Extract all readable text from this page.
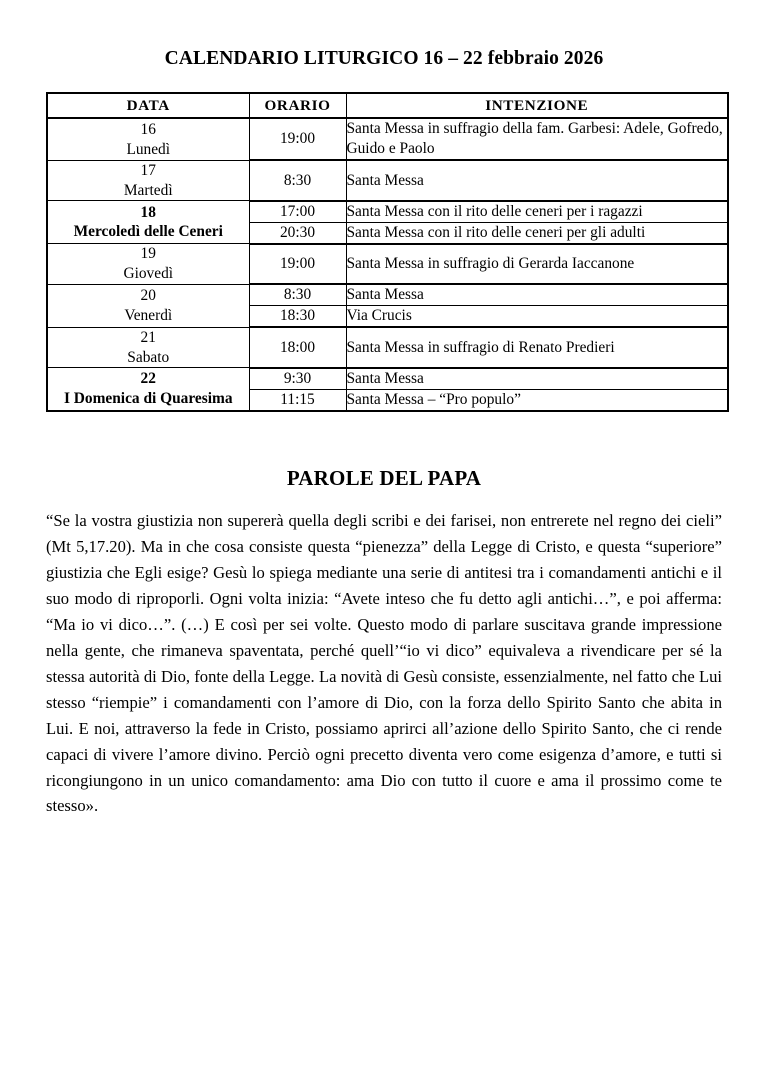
CALENDARIO LITURGICO 16 – 22 febbraio 2026
DATA	ORARIO	INTENZIONE

16
Lunedì	19:00	Santa Messa in suffragio della fam. Garbesi: Adele, Gofredo, Guido e Paolo

17
Martedì	8:30	Santa Messa

18
Mercoledì delle Ceneri	17:00	Santa Messa con il rito delle ceneri per i ragazzi
	20:30	Santa Messa con il rito delle ceneri per gli adulti

19
Giovedì	19:00	Santa Messa in suffragio di Gerarda Iaccanone

20
Venerdì	8:30	Santa Messa
	18:30	Via Crucis

21
Sabato	18:00	Santa Messa in suffragio di Renato Predieri

22
I Domenica di Quaresima	9:30	Santa Messa
	11:15	Santa Messa – “Pro populo”
PAROLE DEL PAPA

“Se la vostra giustizia non supererà quella degli scribi e dei farisei, non entrerete nel regno dei cieli” (Mt 5,17.20). Ma in che cosa consiste questa “pienezza” della Legge di Cristo, e questa “superiore” giustizia che Egli esige? Gesù lo spiega mediante una serie di antitesi tra i comandamenti antichi e il suo modo di riproporli. Ogni volta inizia: “Avete inteso che fu detto agli antichi…”, e poi afferma: “Ma io vi dico…”. (…) E così per sei volte. Questo modo di parlare suscitava grande impressione nella gente, che rimaneva spaventata, perché quell’“io vi dico” equivaleva a rivendicare per sé la stessa autorità di Dio, fonte della Legge. La novità di Gesù consiste, essenzialmente, nel fatto che Lui stesso “riempie” i comandamenti con l’amore di Dio, con la forza dello Spirito Santo che abita in Lui. E noi, attraverso la fede in Cristo, possiamo aprirci all’azione dello Spirito Santo, che ci rende capaci di vivere l’amore divino. Perciò ogni precetto diventa vero come esigenza d’amore, e tutti si ricongiungono in un unico comandamento: ama Dio con tutto il cuore e ama il prossimo come te stesso».
